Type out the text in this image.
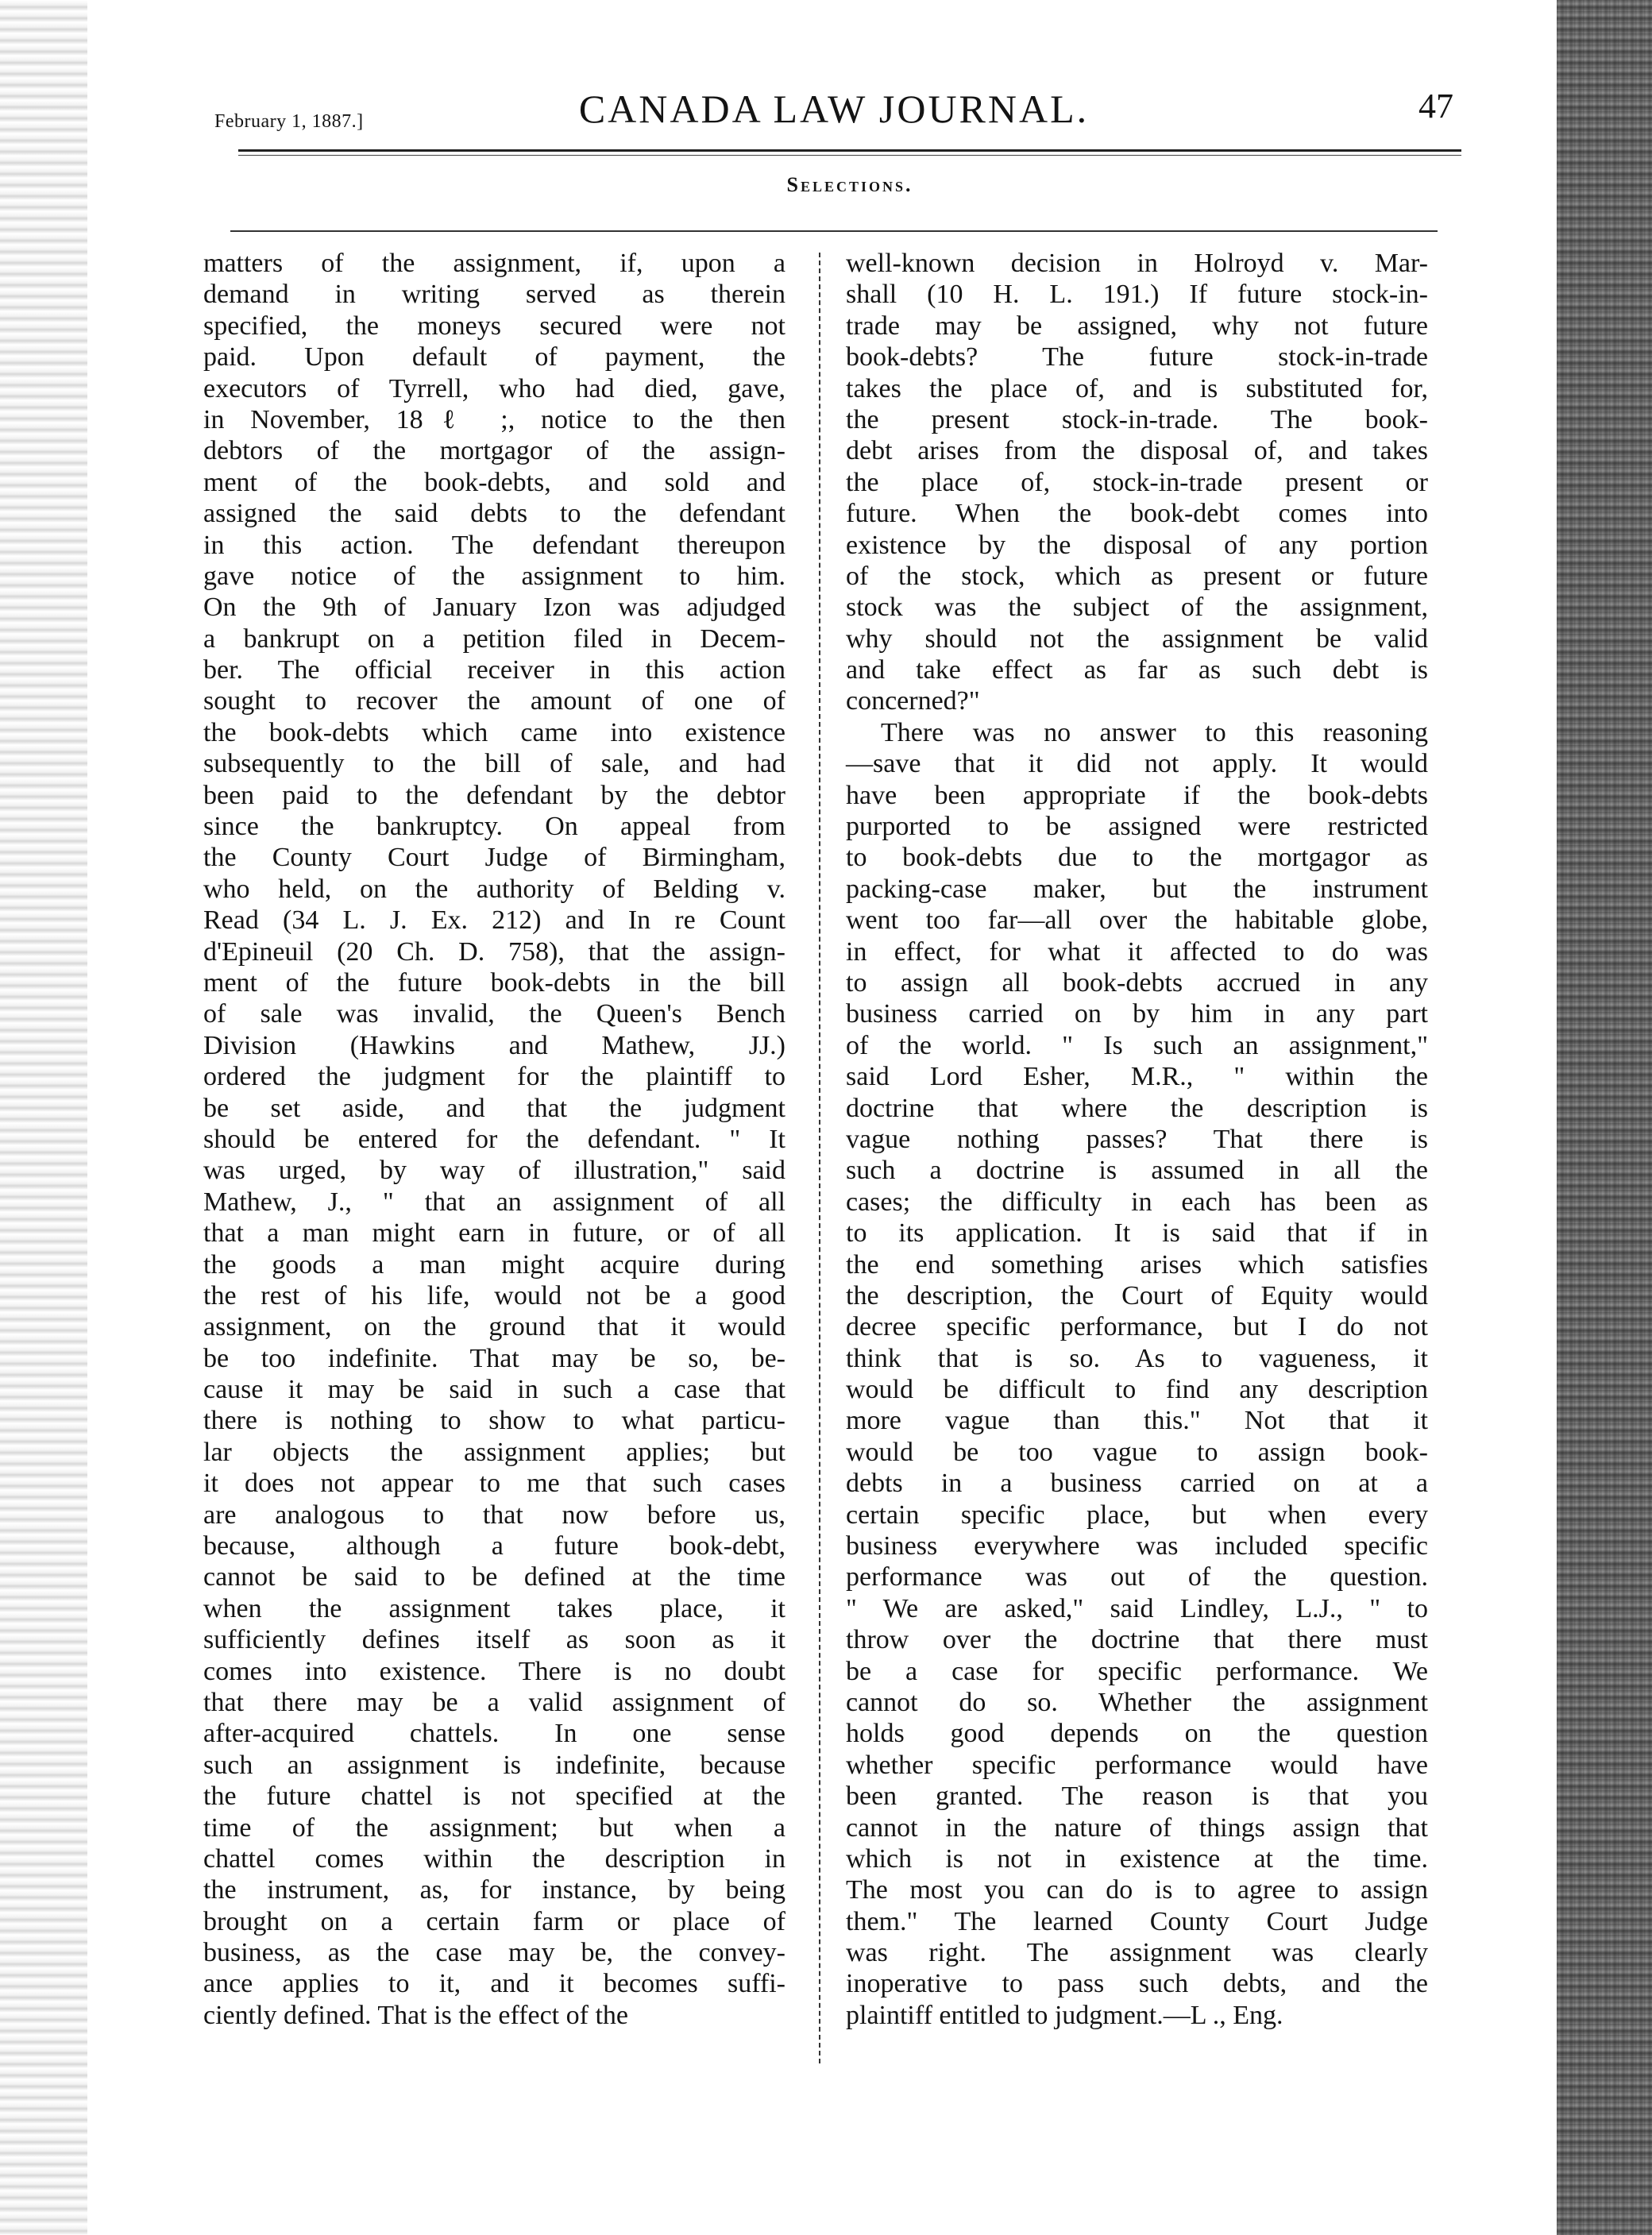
February 1, 1887.]	CANADA LAW JOURNAL.	47
Selections.
matters of the assignment, if, upon a
demand in writing served as therein
specified, the moneys secured were not
paid. Upon default of payment, the
executors of Tyrrell, who had died, gave,
in November, 18ℓ ;, notice to the then
debtors of the mortgagor of the assign-
ment of the book-debts, and sold and
assigned the said debts to the defendant
in this action. The defendant thereupon
gave notice of the assignment to him.
On the 9th of January Izon was adjudged
a bankrupt on a petition filed in Decem-
ber. The official receiver in this action
sought to recover the amount of one of
the book-debts which came into existence
subsequently to the bill of sale, and had
been paid to the defendant by the debtor
since the bankruptcy. On appeal from
the County Court Judge of Birmingham,
who held, on the authority of Belding v.
Read (34 L. J. Ex. 212) and In re Count
d'Epineuil (20 Ch. D. 758), that the assign-
ment of the future book-debts in the bill
of sale was invalid, the Queen's Bench
Division (Hawkins and Mathew, JJ.)
ordered the judgment for the plaintiff to
be set aside, and that the judgment
should be entered for the defendant. " It
was urged, by way of illustration," said
Mathew, J., " that an assignment of all
that a man might earn in future, or of all
the goods a man might acquire during
the rest of his life, would not be a good
assignment, on the ground that it would
be too indefinite. That may be so, be-
cause it may be said in such a case that
there is nothing to show to what particu-
lar objects the assignment applies; but
it does not appear to me that such cases
are analogous to that now before us,
because, although a future book-debt,
cannot be said to be defined at the time
when the assignment takes place, it
sufficiently defines itself as soon as it
comes into existence. There is no doubt
that there may be a valid assignment of
after-acquired chattels. In one sense
such an assignment is indefinite, because
the future chattel is not specified at the
time of the assignment; but when a
chattel comes within the description in
the instrument, as, for instance, by being
brought on a certain farm or place of
business, as the case may be, the convey-
ance applies to it, and it becomes suffi-
ciently defined. That is the effect of the
well-known decision in Holroyd v. Mar-
shall (10 H. L. 191.) If future stock-in-
trade may be assigned, why not future
book-debts? The future stock-in-trade
takes the place of, and is substituted for,
the present stock-in-trade. The book-
debt arises from the disposal of, and takes
the place of, stock-in-trade present or
future. When the book-debt comes into
existence by the disposal of any portion
of the stock, which as present or future
stock was the subject of the assignment,
why should not the assignment be valid
and take effect as far as such debt is
concerned?"
There was no answer to this reasoning
—save that it did not apply. It would
have been appropriate if the book-debts
purported to be assigned were restricted
to book-debts due to the mortgagor as
packing-case maker, but the instrument
went too far—all over the habitable globe,
in effect, for what it affected to do was
to assign all book-debts accrued in any
business carried on by him in any part
of the world. " Is such an assignment,"
said Lord Esher, M.R., " within the
doctrine that where the description is
vague nothing passes? That there is
such a doctrine is assumed in all the
cases; the difficulty in each has been as
to its application. It is said that if in
the end something arises which satisfies
the description, the Court of Equity would
decree specific performance, but I do not
think that is so. As to vagueness, it
would be difficult to find any description
more vague than this." Not that it
would be too vague to assign book-
debts in a business carried on at a
certain specific place, but when every
business everywhere was included specific
performance was out of the question.
" We are asked," said Lindley, L.J., " to
throw over the doctrine that there must
be a case for specific performance. We
cannot do so. Whether the assignment
holds good depends on the question
whether specific performance would have
been granted. The reason is that you
cannot in the nature of things assign that
which is not in existence at the time.
The most you can do is to agree to assign
them." The learned County Court Judge
was right. The assignment was clearly
inoperative to pass such debts, and the
plaintiff entitled to judgment.—L ., Eng.
